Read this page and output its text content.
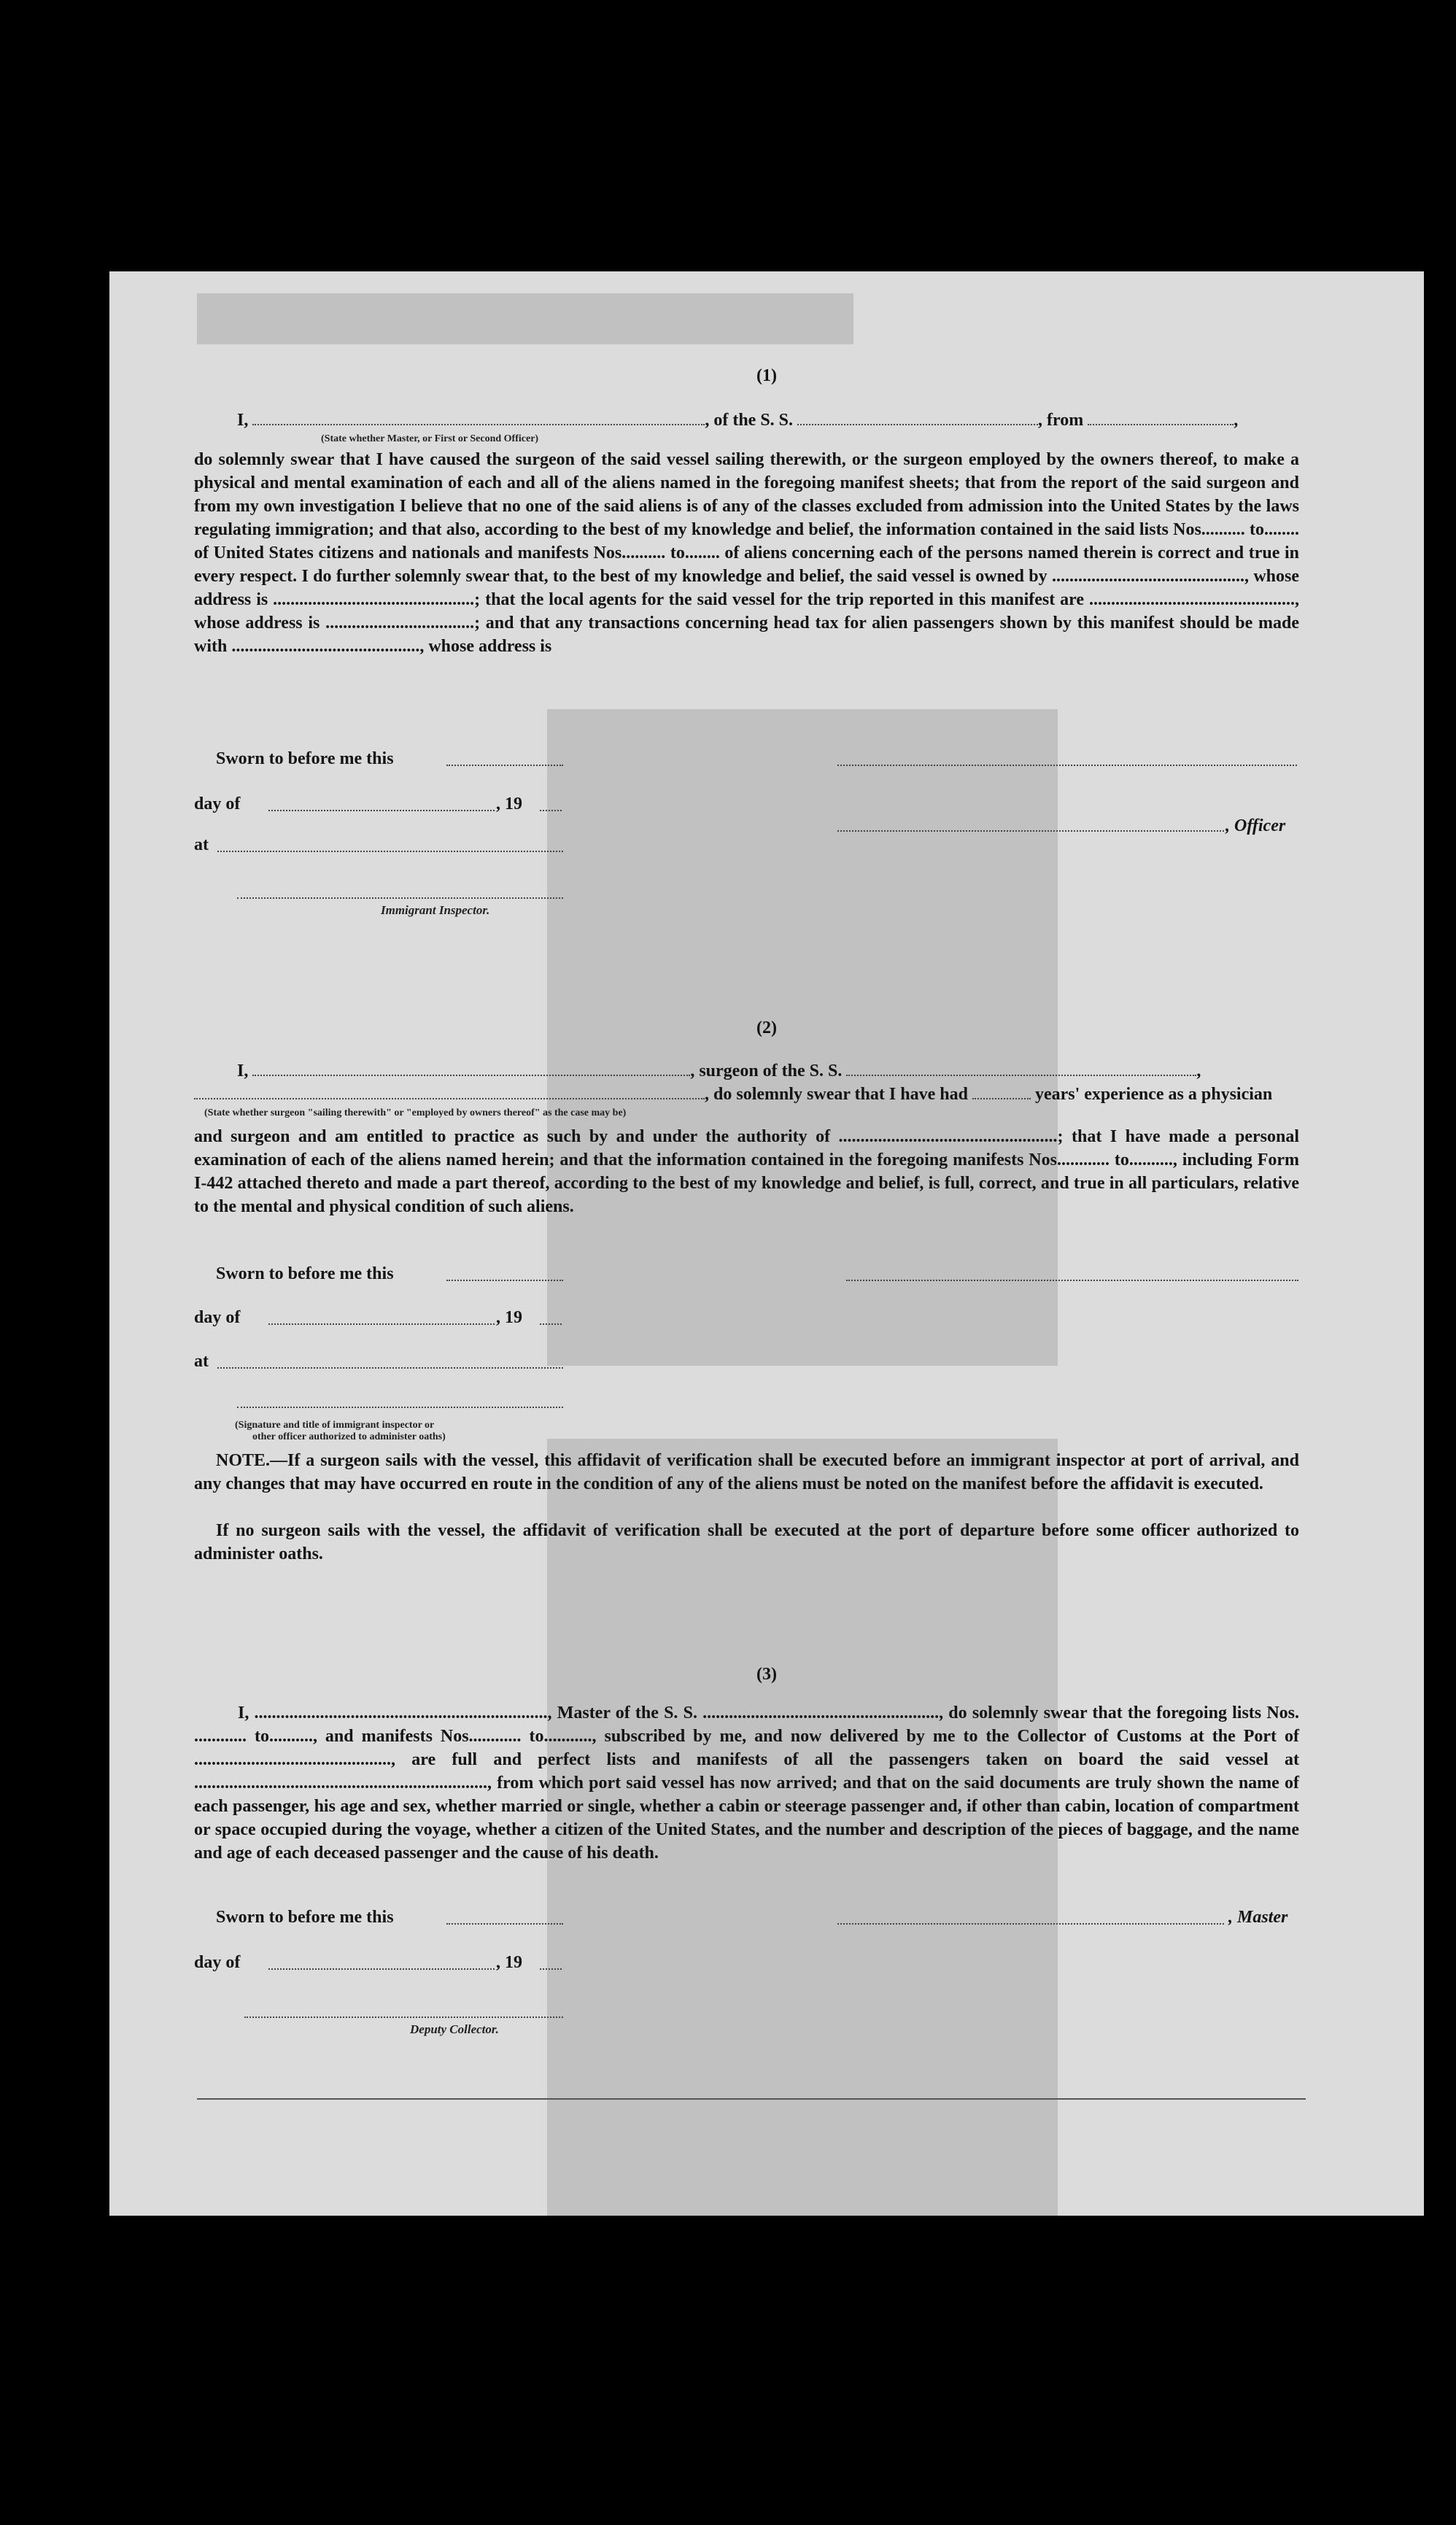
(1)
I,	, of the S. S.	, from	,
(State whether Master, or First or Second Officer)
do solemnly swear that I have caused the surgeon of the said vessel sailing therewith, or the surgeon employed by the owners thereof, to make a physical and mental examination of each and all of the aliens named in the foregoing manifest sheets; that from the report of the said surgeon and from my own investigation I believe that no one of the said aliens is of any of the classes excluded from admission into the United States by the laws regulating immigration; and that also, according to the best of my knowledge and belief, the information contained in the said lists Nos.......... to........ of United States citizens and nationals and manifests Nos.......... to........ of aliens concerning each of the persons named therein is correct and true in every respect. I do further solemnly swear that, to the best of my knowledge and belief, the said vessel is owned by ............................................, whose address is ..............................................; that the local agents for the said vessel for the trip reported in this manifest are ..............................................., whose address is ..................................; and that any transactions concerning head tax for alien passengers shown by this manifest should be made with ..........................................., whose address is
Sworn to before me this
day of	, 19
, Officer
at
Immigrant Inspector.
(2)
I,	, surgeon of the S. S.	,
, do solemnly swear that I have had	years' experience as a physician
(State whether surgeon "sailing therewith" or "employed by owners thereof" as the case may be)
and surgeon and am entitled to practice as such by and under the authority of ..................................................; that I have made a personal examination of each of the aliens named herein; and that the information contained in the foregoing manifests Nos............ to.........., including Form I-442 attached thereto and made a part thereof, according to the best of my knowledge and belief, is full, correct, and true in all particulars, relative to the mental and physical condition of such aliens.
Sworn to before me this
day of	, 19
at
(Signature and title of immigrant inspector or
other officer authorized to administer oaths)
NOTE.—If a surgeon sails with the vessel, this affidavit of verification shall be executed before an immigrant inspector at port of arrival, and any changes that may have occurred en route in the condition of any of the aliens must be noted on the manifest before the affidavit is executed.
If no surgeon sails with the vessel, the affidavit of verification shall be executed at the port of departure before some officer authorized to administer oaths.
(3)
I, ..................................................................., Master of the S. S. ......................................................, do solemnly swear that the foregoing lists Nos. ............ to.........., and manifests Nos............ to..........., subscribed by me, and now delivered by me to the Collector of Customs at the Port of ............................................., are full and perfect lists and manifests of all the passengers taken on board the said vessel at ..................................................................., from which port said vessel has now arrived; and that on the said documents are truly shown the name of each passenger, his age and sex, whether married or single, whether a cabin or steerage passenger and, if other than cabin, location of compartment or space occupied during the voyage, whether a citizen of the United States, and the number and description of the pieces of baggage, and the name and age of each deceased passenger and the cause of his death.
Sworn to before me this	, Master
day of	, 19
Deputy Collector.
